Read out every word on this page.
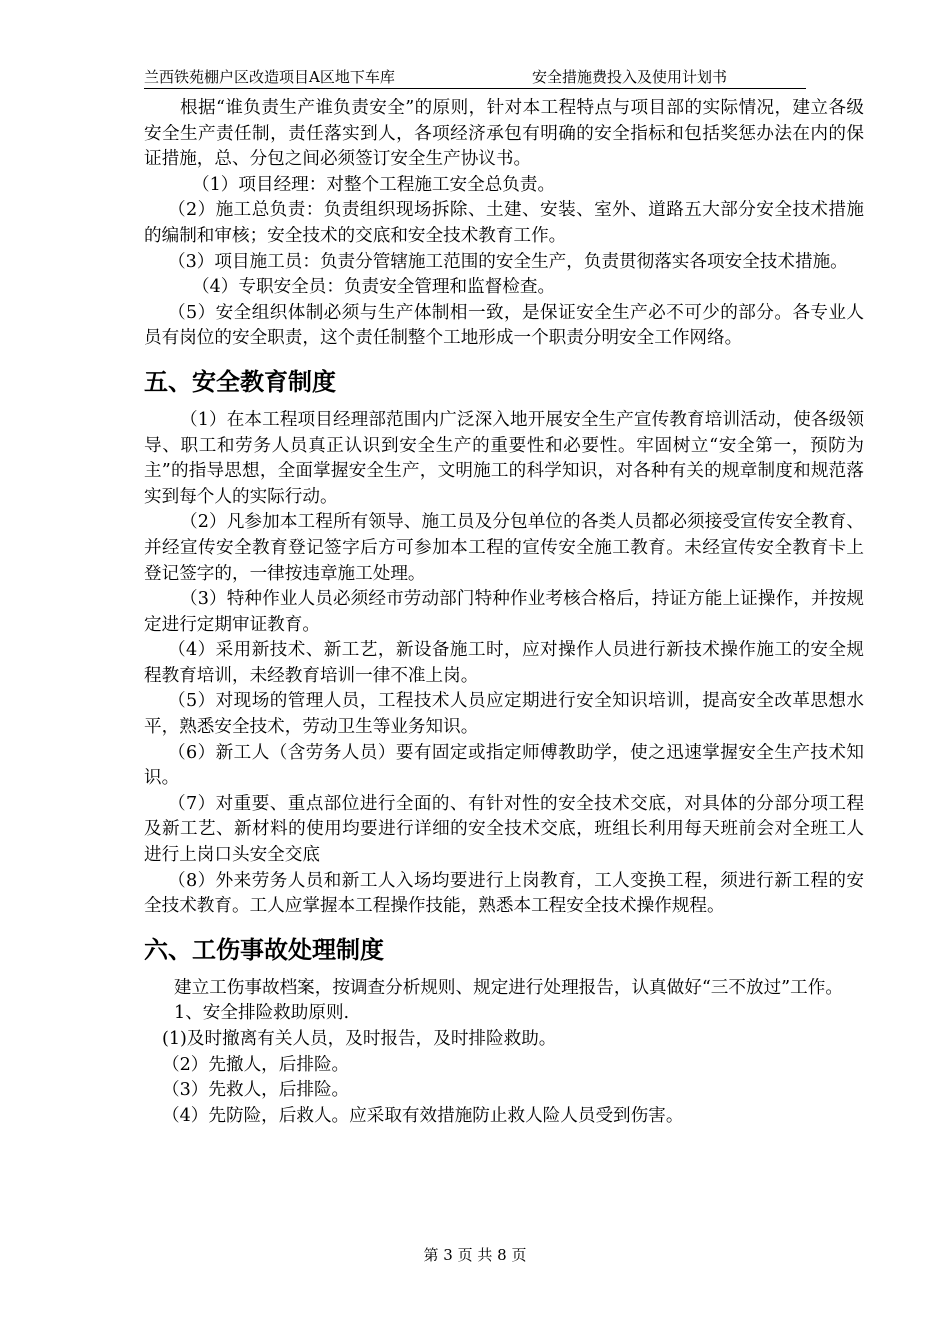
兰西铁苑棚户区改造项目A区地下车库	安全措施费投入及使用计划书

根据“谁负责生产谁负责安全”的原则，针对本工程特点与项目部的实际情况，建立各级安全生产责任制，责任落实到人，各项经济承包有明确的安全指标和包括奖惩办法在内的保证措施，总、分包之间必须签订安全生产协议书。

（1）项目经理：对整个工程施工安全总负责。

（2）施工总负责：负责组织现场拆除、土建、安装、室外、道路五大部分安全技术措施的编制和审核；安全技术的交底和安全技术教育工作。

（3）项目施工员：负责分管辖施工范围的安全生产，负责贯彻落实各项安全技术措施。

（4）专职安全员：负责安全管理和监督检查。

（5）安全组织体制必须与生产体制相一致，是保证安全生产必不可少的部分。各专业人员有岗位的安全职责，这个责任制整个工地形成一个职责分明安全工作网络。

五、安全教育制度

（1）在本工程项目经理部范围内广泛深入地开展安全生产宣传教育培训活动，使各级领导、职工和劳务人员真正认识到安全生产的重要性和必要性。牢固树立“安全第一，预防为主”的指导思想，全面掌握安全生产，文明施工的科学知识，对各种有关的规章制度和规范落实到每个人的实际行动。

（2）凡参加本工程所有领导、施工员及分包单位的各类人员都必须接受宣传安全教育、并经宣传安全教育登记签字后方可参加本工程的宣传安全施工教育。未经宣传安全教育卡上登记签字的，一律按违章施工处理。

（3）特种作业人员必须经市劳动部门特种作业考核合格后，持证方能上证操作，并按规定进行定期审证教育。

（4）采用新技术、新工艺，新设备施工时，应对操作人员进行新技术操作施工的安全规程教育培训，未经教育培训一律不准上岗。

（5）对现场的管理人员，工程技术人员应定期进行安全知识培训，提高安全改革思想水平，熟悉安全技术，劳动卫生等业务知识。

（6）新工人（含劳务人员）要有固定或指定师傅教助学，使之迅速掌握安全生产技术知识。

（7）对重要、重点部位进行全面的、有针对性的安全技术交底，对具体的分部分项工程及新工艺、新材料的使用均要进行详细的安全技术交底，班组长利用每天班前会对全班工人进行上岗口头安全交底

（8）外来劳务人员和新工人入场均要进行上岗教育，工人变换工程，须进行新工程的安全技术教育。工人应掌握本工程操作技能，熟悉本工程安全技术操作规程。

六、工伤事故处理制度

建立工伤事故档案，按调查分析规则、规定进行处理报告，认真做好“三不放过”工作。

1、安全排险救助原则.

(1)及时撤离有关人员，及时报告，及时排险救助。

（2）先撤人，后排险。

（3）先救人，后排险。

（4）先防险，后救人。应采取有效措施防止救人险人员受到伤害。

第 3 页 共 8 页
